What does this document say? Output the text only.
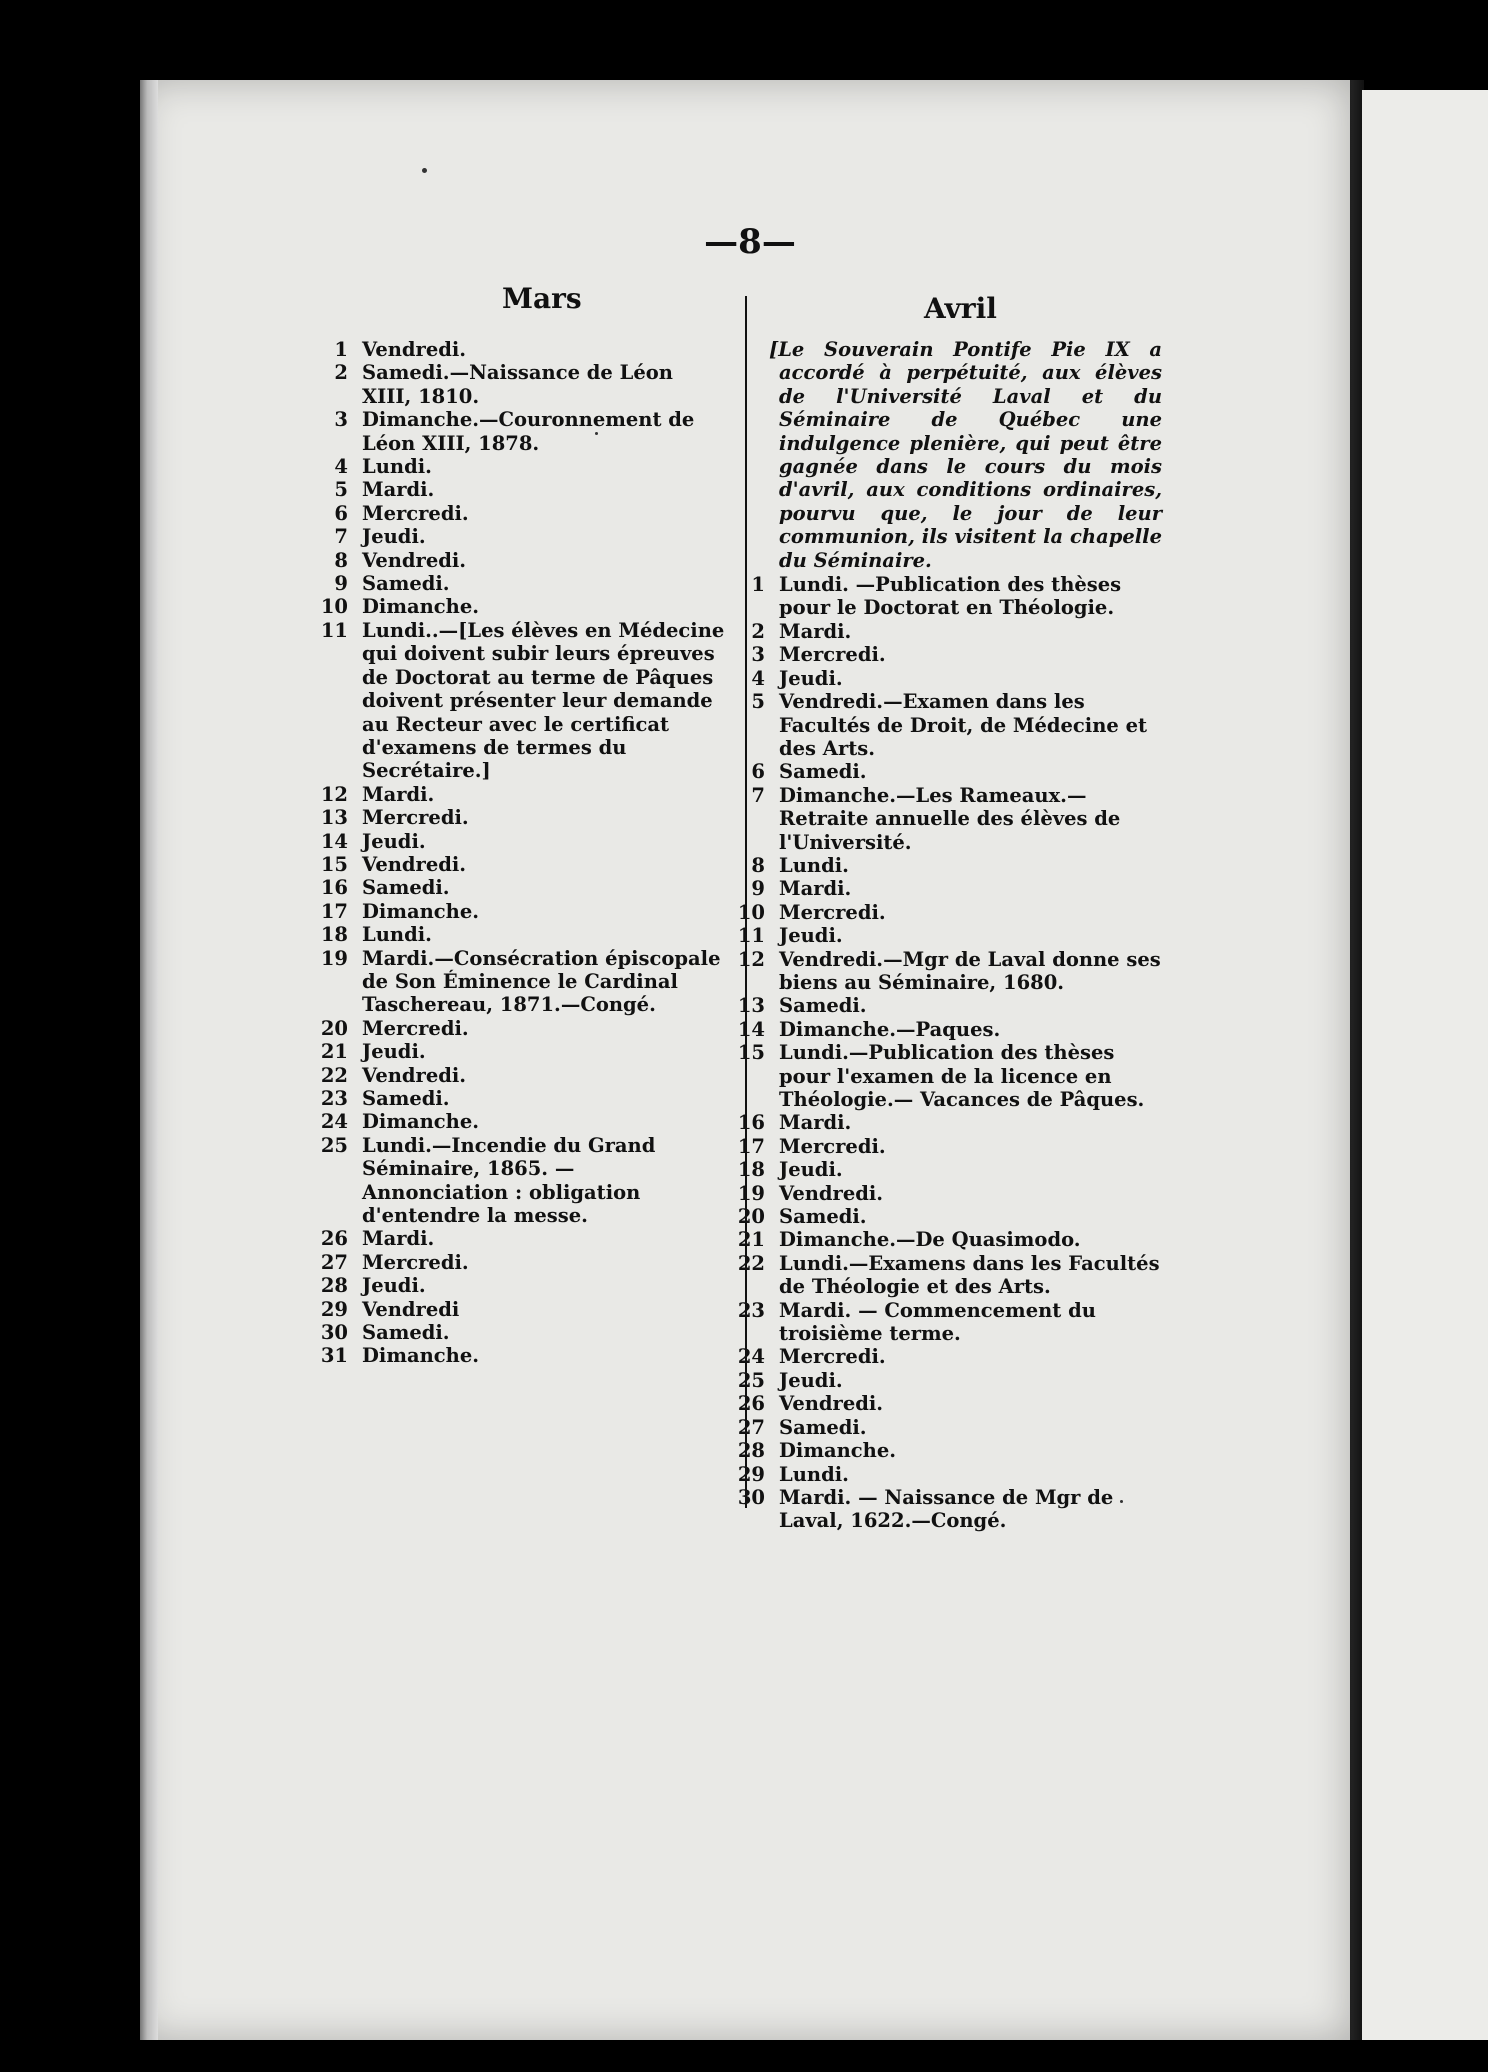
—8—
Mars	Avril
1 Vendredi.
2 Samedi.—Naissance de Léon XIII, 1810.
3 Dimanche.—Couronnement de Léon XIII, 1878.
4 Lundi.
5 Mardi.
6 Mercredi.
7 Jeudi.
8 Vendredi.
9 Samedi.
10 Dimanche.
11 Lundi..—[Les élèves en Médecine qui doivent subir leurs épreuves de Doctorat au terme de Pâques doivent présenter leur demande au Recteur avec le certificat d'examens de termes du Secrétaire.]
12 Mardi.
13 Mercredi.
14 Jeudi.
15 Vendredi.
16 Samedi.
17 Dimanche.
18 Lundi.
19 Mardi.—Consécration épiscopale de Son Éminence le Cardinal Taschereau, 1871.—Congé.
20 Mercredi.
21 Jeudi.
22 Vendredi.
23 Samedi.
24 Dimanche.
25 Lundi.—Incendie du Grand Séminaire, 1865. — Annonciation : obligation d'entendre la messe.
26 Mardi.
27 Mercredi.
28 Jeudi.
29 Vendredi
30 Samedi.
31 Dimanche.
[Le Souverain Pontife Pie IX a accordé à perpétuité, aux élèves de l'Université Laval et du Séminaire de Québec une indulgence plenière, qui peut être gagnée dans le cours du mois d'avril, aux conditions ordinaires, pourvu que, le jour de leur communion, ils visitent la chapelle du Séminaire.
1 Lundi. —Publication des thèses pour le Doctorat en Théologie.
2 Mardi.
3 Mercredi.
4 Jeudi.
5 Vendredi.—Examen dans les Facultés de Droit, de Médecine et des Arts.
6 Samedi.
7 Dimanche.—Les Rameaux.—Retraite annuelle des élèves de l'Université.
8 Lundi.
9 Mardi.
10 Mercredi.
11 Jeudi.
12 Vendredi.—Mgr de Laval donne ses biens au Séminaire, 1680.
13 Samedi.
14 Dimanche.—Paques.
15 Lundi.—Publication des thèses pour l'examen de la licence en Théologie.— Vacances de Pâques.
16 Mardi.
17 Mercredi.
18 Jeudi.
19 Vendredi.
20 Samedi.
21 Dimanche.—De Quasimodo.
22 Lundi.—Examens dans les Facultés de Théologie et des Arts.
23 Mardi. — Commencement du troisième terme.
24 Mercredi.
25 Jeudi.
26 Vendredi.
27 Samedi.
28 Dimanche.
29 Lundi.
30 Mardi. — Naissance de Mgr de Laval, 1622.—Congé.
